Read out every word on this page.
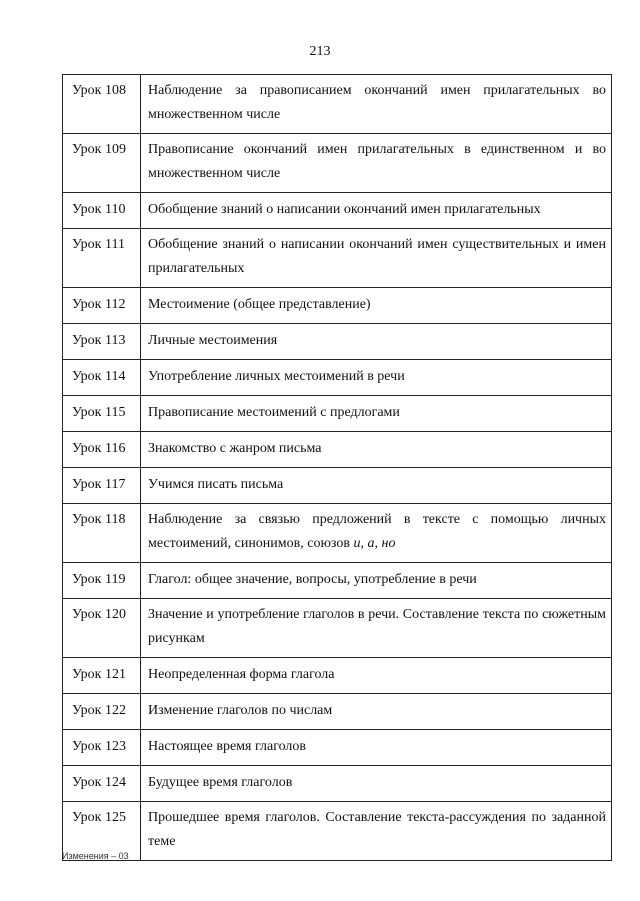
213
Урок 108	Наблюдение за правописанием окончаний имен прилагательных во множественном числе
Урок 109	Правописание окончаний имен прилагательных в единственном и во множественном числе
Урок 110	Обобщение знаний о написании окончаний имен прилагательных
Урок 111	Обобщение знаний о написании окончаний имен существительных и имен прилагательных
Урок 112	Местоимение (общее представление)
Урок 113	Личные местоимения
Урок 114	Употребление личных местоимений в речи
Урок 115	Правописание местоимений с предлогами
Урок 116	Знакомство с жанром письма
Урок 117	Учимся писать письма
Урок 118	Наблюдение за связью предложений в тексте с помощью личных местоимений, синонимов, союзов и, а, но
Урок 119	Глагол: общее значение, вопросы, употребление в речи
Урок 120	Значение и употребление глаголов в речи. Составление текста по сюжетным рисункам
Урок 121	Неопределенная форма глагола
Урок 122	Изменение глаголов по числам
Урок 123	Настоящее время глаголов
Урок 124	Будущее время глаголов
Урок 125	Прошедшее время глаголов. Составление текста-рассуждения по заданной теме
Изменения – 03
